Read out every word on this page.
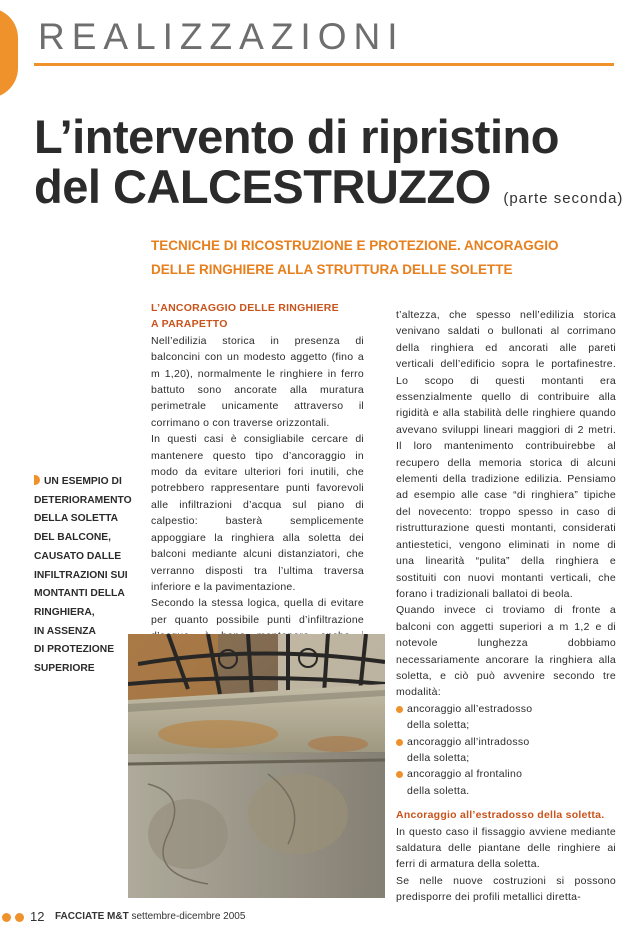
REALIZZAZIONI
L’intervento di ripristino
del CALCESTRUZZO (parte seconda)
TECNICHE DI RICOSTRUZIONE E PROTEZIONE. ANCORAGGIO
DELLE RINGHIERE ALLA STRUTTURA DELLE SOLETTE
UN ESEMPIO DI
DETERIORAMENTO
DELLA SOLETTA
DEL BALCONE,
CAUSATO DALLE
INFILTRAZIONI SUI
MONTANTI DELLA
RINGHIERA,
IN ASSENZA
DI PROTEZIONE
SUPERIORE

L’ANCORAGGIO DELLE RINGHIERE
A PARAPETTO

Nell’edilizia storica in presenza di balconcini con un modesto aggetto (fino a m 1,20), normalmente le ringhiere in ferro battuto sono ancorate alla muratura perimetrale unicamente attraverso il corrimano o con traverse orizzontali.

In questi casi è consigliabile cercare di mantenere questo tipo d’ancoraggio in modo da evitare ulteriori fori inutili, che potrebbero rappresentare punti favorevoli alle infiltrazioni d’acqua sul piano di calpestio: basterà semplicemente appoggiare la ringhiera alla soletta dei balconi mediante alcuni distanziatori, che verranno disposti tra l’ultima traversa inferiore e la pavimentazione.

Secondo la stessa logica, quella di evitare per quanto possibile punti d’infiltrazione

t’altezza, che spesso nell’edilizia storica venivano saldati o bullonati al corrimano della ringhiera ed ancorati alle pareti verticali dell’edificio sopra le portafinestre. Lo scopo di questi montanti era essenzialmente quello di contribuire alla rigidità e alla stabilità delle ringhiere quando avevano sviluppi lineari maggiori di 2 metri. Il loro mantenimento contribuirebbe al recupero della memoria storica di alcuni elementi della tradizione edilizia. Pensiamo ad esempio alle case “di ringhiera” tipiche del novecento: troppo spesso in caso di ristrutturazione questi montanti, considerati antiestetici, vengono eliminati in nome di una linearità “pulita” della ringhiera e sostituiti con nuovi montanti verticali, che forano i tradizionali ballatoi di beola.

Quando invece ci troviamo di fronte a balconi con aggetti superiori a m 1,2 e di notevole lunghezza dobbiamo necessariamente ancorare la ringhiera alla soletta, e ciò può avvenire secondo tre modalità:

ancoraggio all’estradosso
della soletta;
ancoraggio all’intradosso
della soletta;
ancoraggio al frontalino
della soletta.

Ancoraggio all’estradosso della soletta.

In questo caso il fissaggio avviene mediante saldatura delle piantane delle ringhiere ai ferri di armatura della soletta.

Se nelle nuove costruzioni si possono predisporre dei profili metallici diretta-

12 FACCIATE M&T settembre-dicembre 2005
